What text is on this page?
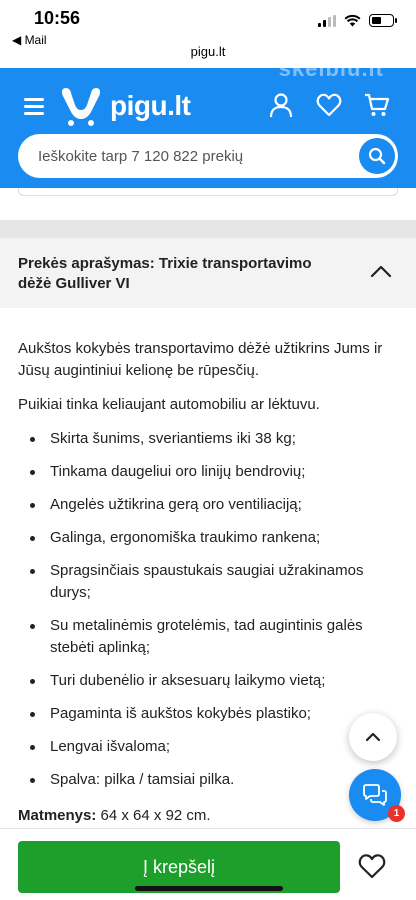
10:56
◀ Mail
pigu.lt
pigu.lt
Ieškokite tarp 7 120 822 prekių
skelbiu.lt
Prekės aprašymas: Trixie transportavimo dėžė Gulliver VI

Aukštos kokybės transportavimo dėžė užtikrins Jums ir Jūsų augintiniui kelionę be rūpesčių.

Puikiai tinka keliaujant automobiliu ar lėktuvu.

Skirta šunims, sveriantiems iki 38 kg;
Tinkama daugeliui oro linijų bendrovių;
Angelės užtikrina gerą oro ventiliaciją;
Galinga, ergonomiška traukimo rankena;
Spragsinčiais spaustukais saugiai užrakinamos durys;
Su metalinėmis grotelėmis, tad augintinis galės stebėti aplinką;
Turi dubenėlio ir aksesuarų laikymo vietą;
Pagaminta iš aukštos kokybės plastiko;
Lengvai išvaloma;
Spalva: pilka / tamsiai pilka.
Matmenys: 64 x 64 x 92 cm.	1
Į krepšelį
